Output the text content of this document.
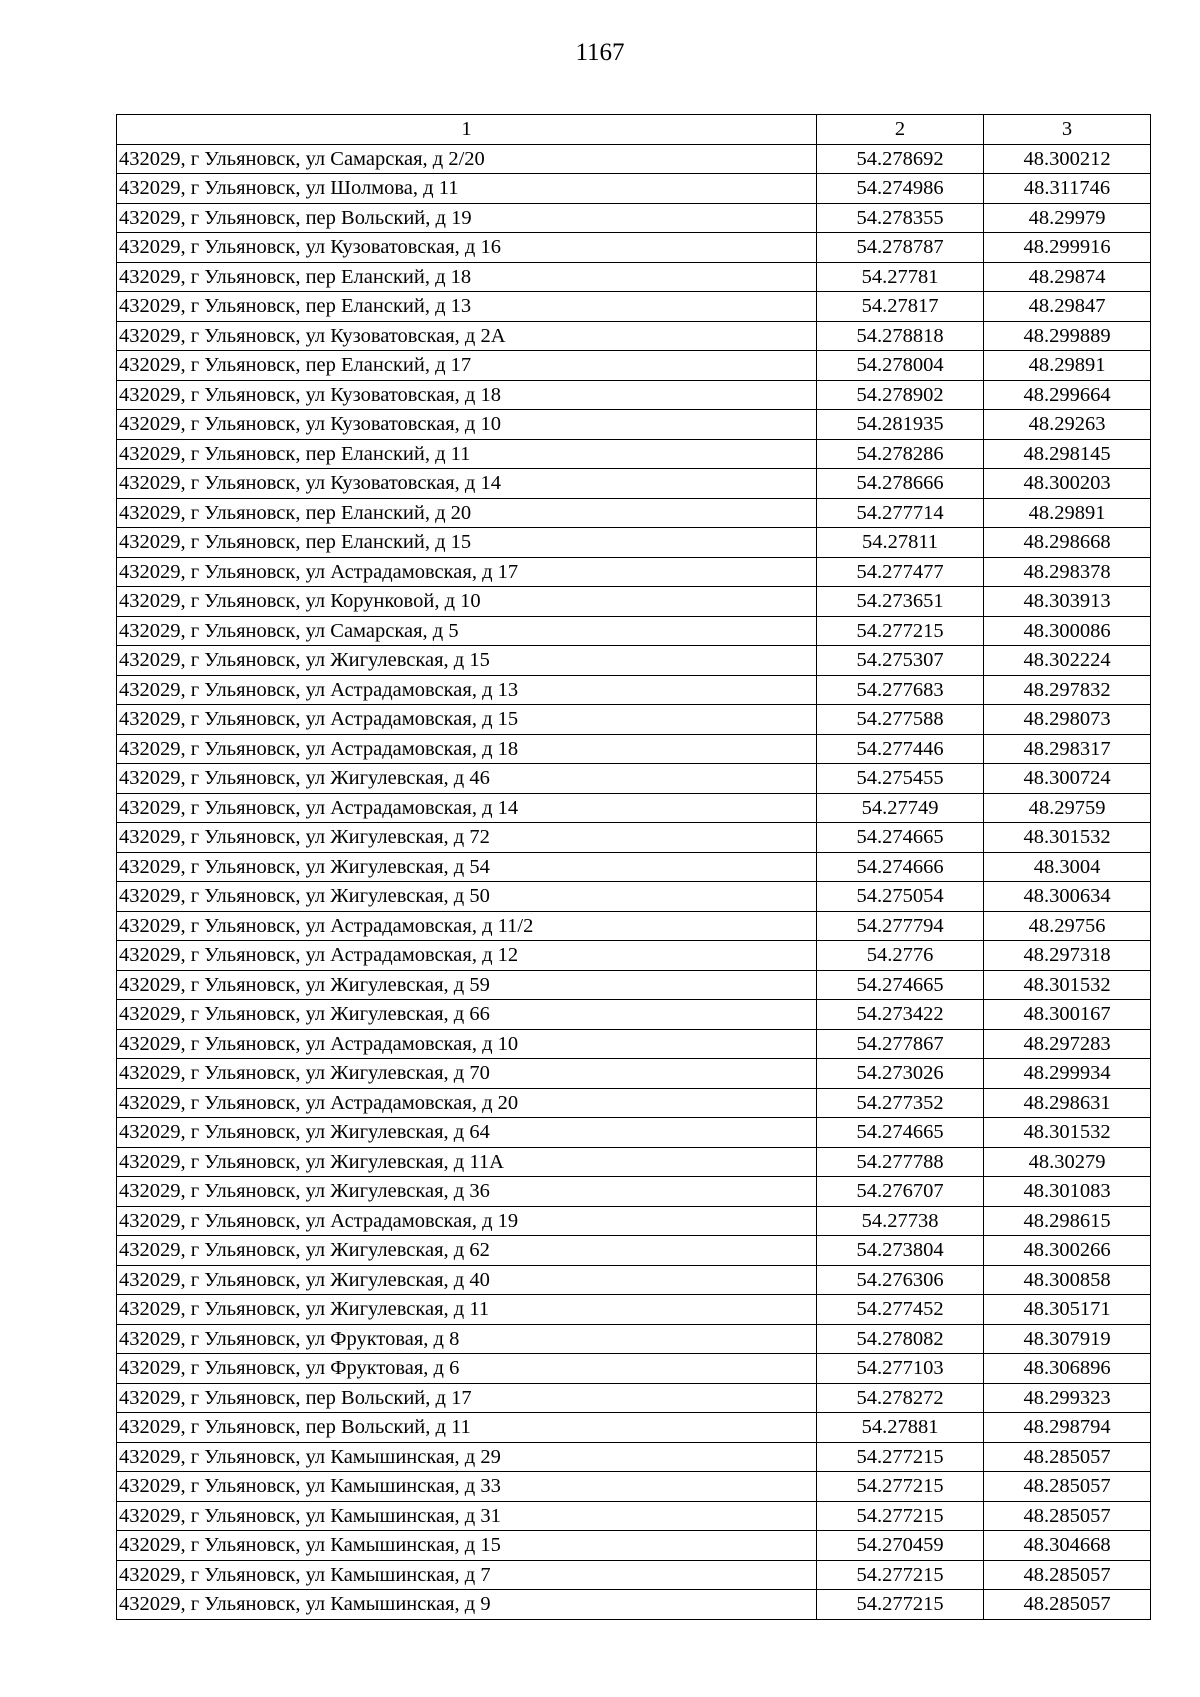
1167
1	2	3
432029, г Ульяновск, ул Самарская, д 2/20	54.278692	48.300212
432029, г Ульяновск, ул Шолмова, д 11	54.274986	48.311746
432029, г Ульяновск, пер Вольский, д 19	54.278355	48.29979
432029, г Ульяновск, ул Кузоватовская, д 16	54.278787	48.299916
432029, г Ульяновск, пер Еланский, д 18	54.27781	48.29874
432029, г Ульяновск, пер Еланский, д 13	54.27817	48.29847
432029, г Ульяновск, ул Кузоватовская, д 2А	54.278818	48.299889
432029, г Ульяновск, пер Еланский, д 17	54.278004	48.29891
432029, г Ульяновск, ул Кузоватовская, д 18	54.278902	48.299664
432029, г Ульяновск, ул Кузоватовская, д 10	54.281935	48.29263
432029, г Ульяновск, пер Еланский, д 11	54.278286	48.298145
432029, г Ульяновск, ул Кузоватовская, д 14	54.278666	48.300203
432029, г Ульяновск, пер Еланский, д 20	54.277714	48.29891
432029, г Ульяновск, пер Еланский, д 15	54.27811	48.298668
432029, г Ульяновск, ул Астрадамовская, д 17	54.277477	48.298378
432029, г Ульяновск, ул Корунковой, д 10	54.273651	48.303913
432029, г Ульяновск, ул Самарская, д 5	54.277215	48.300086
432029, г Ульяновск, ул Жигулевская, д 15	54.275307	48.302224
432029, г Ульяновск, ул Астрадамовская, д 13	54.277683	48.297832
432029, г Ульяновск, ул Астрадамовская, д 15	54.277588	48.298073
432029, г Ульяновск, ул Астрадамовская, д 18	54.277446	48.298317
432029, г Ульяновск, ул Жигулевская, д 46	54.275455	48.300724
432029, г Ульяновск, ул Астрадамовская, д 14	54.27749	48.29759
432029, г Ульяновск, ул Жигулевская, д 72	54.274665	48.301532
432029, г Ульяновск, ул Жигулевская, д 54	54.274666	48.3004
432029, г Ульяновск, ул Жигулевская, д 50	54.275054	48.300634
432029, г Ульяновск, ул Астрадамовская, д 11/2	54.277794	48.29756
432029, г Ульяновск, ул Астрадамовская, д 12	54.2776	48.297318
432029, г Ульяновск, ул Жигулевская, д 59	54.274665	48.301532
432029, г Ульяновск, ул Жигулевская, д 66	54.273422	48.300167
432029, г Ульяновск, ул Астрадамовская, д 10	54.277867	48.297283
432029, г Ульяновск, ул Жигулевская, д 70	54.273026	48.299934
432029, г Ульяновск, ул Астрадамовская, д 20	54.277352	48.298631
432029, г Ульяновск, ул Жигулевская, д 64	54.274665	48.301532
432029, г Ульяновск, ул Жигулевская, д 11А	54.277788	48.30279
432029, г Ульяновск, ул Жигулевская, д 36	54.276707	48.301083
432029, г Ульяновск, ул Астрадамовская, д 19	54.27738	48.298615
432029, г Ульяновск, ул Жигулевская, д 62	54.273804	48.300266
432029, г Ульяновск, ул Жигулевская, д 40	54.276306	48.300858
432029, г Ульяновск, ул Жигулевская, д 11	54.277452	48.305171
432029, г Ульяновск, ул Фруктовая, д 8	54.278082	48.307919
432029, г Ульяновск, ул Фруктовая, д 6	54.277103	48.306896
432029, г Ульяновск, пер Вольский, д 17	54.278272	48.299323
432029, г Ульяновск, пер Вольский, д 11	54.27881	48.298794
432029, г Ульяновск, ул Камышинская, д 29	54.277215	48.285057
432029, г Ульяновск, ул Камышинская, д 33	54.277215	48.285057
432029, г Ульяновск, ул Камышинская, д 31	54.277215	48.285057
432029, г Ульяновск, ул Камышинская, д 15	54.270459	48.304668
432029, г Ульяновск, ул Камышинская, д 7	54.277215	48.285057
432029, г Ульяновск, ул Камышинская, д 9	54.277215	48.285057
